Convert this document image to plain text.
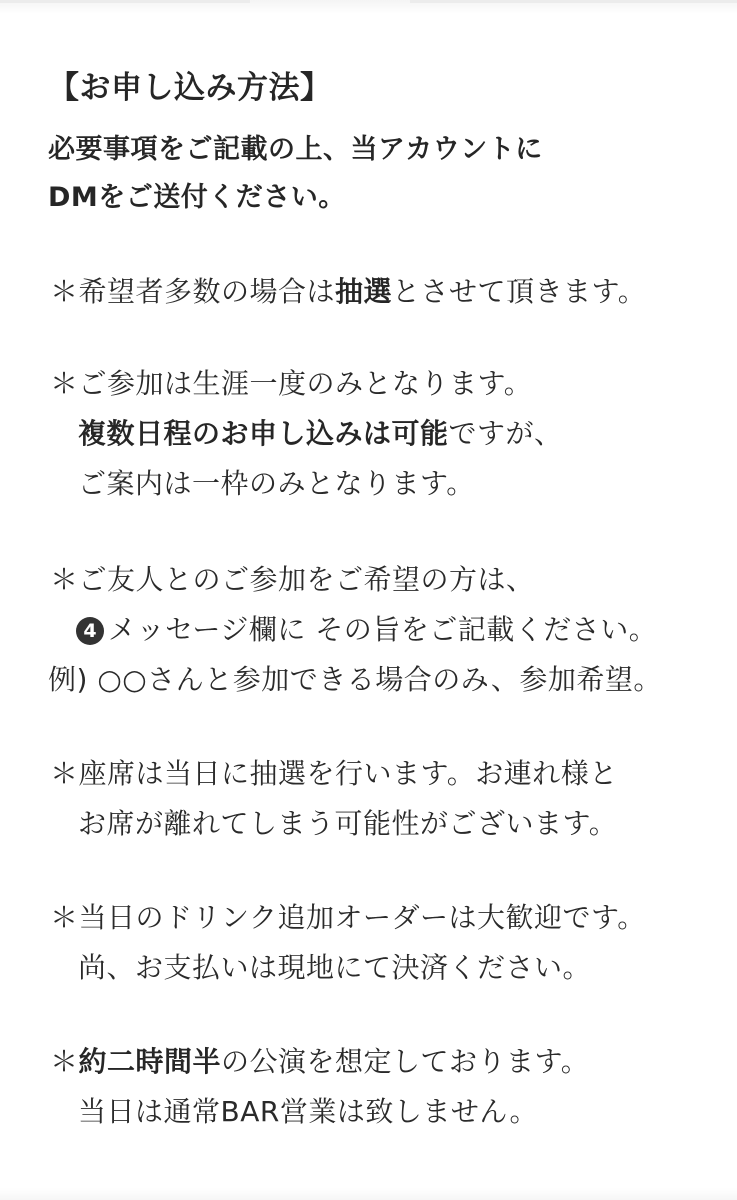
【お申し込み方法】
必要事項をご記載の上、当アカウントに
DMをご送付ください。
＊希望者多数の場合は抽選とさせて頂きます。
＊ご参加は生涯一度のみとなります。
複数日程のお申し込みは可能ですが、
ご案内は一枠のみとなります。
＊ご友人とのご参加をご希望の方は、
4 メッセージ欄に その旨をご記載ください。
例) ○○さんと参加できる場合のみ、参加希望。
＊座席は当日に抽選を行います。お連れ様と
お席が離れてしまう可能性がございます。
＊当日のドリンク追加オーダーは大歓迎です。
尚、お支払いは現地にて決済ください。
＊約二時間半の公演を想定しております。
当日は通常BAR営業は致しません。
